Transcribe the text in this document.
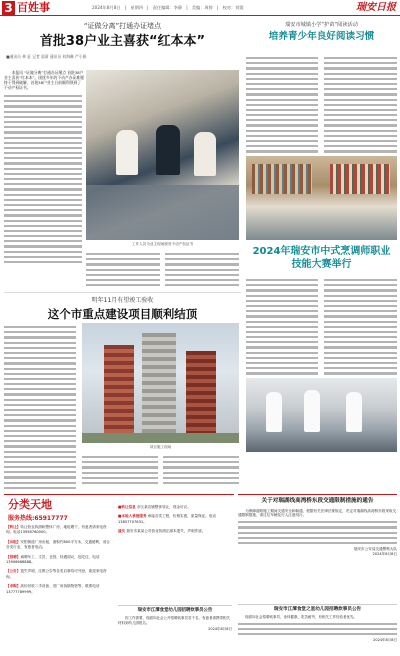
3 百姓事	2024年8月8日　|　星期四　|　责任编辑：李静　|　美编：周胖　|　校对：刘霞	瑞安日报
“证做分离”打通办证堵点
首批38户业主喜获“红本本”
■通讯员 林 征 记者 邵萧 通讯员 何海琳 严小娟

本报讯 “证做分离”打通办证堵点 首批38户业主喜获“红本本”。困扰多年的不动产办证难题终于得到破解，首批38户业主日前顺利领到了不动产权证书。

工作人员为业主现场颁发不动产权证书
瑞安市城镇小学“护苗”阅读活动
培养青少年良好阅读习惯
2024年瑞安市中式烹调师职业技能大赛举行
明年11月有望竣工验收
这个市重点建设项目顺利结顶
项目施工现场
分类天地
服务热线:65917777
【转让】转让营业执照和整体厂房，地址塘下，有意者请来电咨询。电话13958760000。
【出租】安阳街道厂房出租，面积约800平方米，交通便利，适合各类行业，有意者电洽。
【招聘】诚聘车工、文员、仓管，待遇面议，包吃住，电话13906666888。
【公告】遗失声明、注销公告等各类启事均可刊登，欢迎来电咨询。
【求购】高价回收二手设备、旧厂房拆除物资等，联系电话13777789999。
■转让信息 市区某店铺整体转让，现金可议。
■本地人承接服务 承接各类工程，价格实惠，质量保证。电话13857707631。
遗失 瑞安市某某公司营业执照正副本遗失，声明作废。
瑞安市江潭食堂幼儿园招聘炊事员公告
因工作需要，现面向社会公开招聘炊事员若干名，有意者请携带相关材料到幼儿园报名。
2024年8月8日
关于对瑞湖线高湾桥东段交通限制措施的通告
为保障道路施工期间交通安全和畅通，根据有关法律法规规定，决定对瑞湖线高湾桥东段采取交通限制措施，请过往车辆及行人注意绕行。
瑞安市公安局交通警察大队
2024年8月8日
瑞安市江潭食堂之星幼儿园招聘炊事员公告
现面向社会招聘炊事员，身体健康，吃苦耐劳，有相关工作经验者优先。
2024年8月8日
